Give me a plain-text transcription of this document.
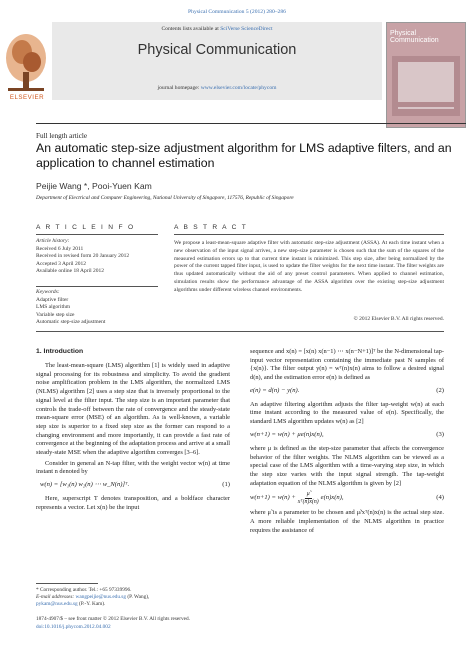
Physical Communication 5 (2012) 280–286
Contents lists available at SciVerse ScienceDirect
Physical Communication
journal homepage: www.elsevier.com/locate/phycom
ELSEVIER
Physical Communication
Full length article
An automatic step-size adjustment algorithm for LMS adaptive filters, and an application to channel estimation
Peijie Wang *, Pooi-Yuen Kam
Department of Electrical and Computer Engineering, National University of Singapore, 117576, Republic of Singapore
A R T I C L E I N F O	A B S T R A C T
Article history:
Received 6 July 2011
Received in revised form 20 January 2012
Accepted 3 April 2012
Available online 18 April 2012
Keywords:
Adaptive filter
LMS algorithm
Variable step size
Automatic step-size adjustment
We propose a least-mean-square adaptive filter with automatic step-size adjustment (ASSA). At each time instant when a new observation of the input signal arrives, a new step-size parameter is chosen such that the sum of the squares of the measured estimation errors up to that current time instant is minimized. This step size, after being normalized by the power of the current tapped filter input, is used to update the filter weights for the next time instant. The filter weights are thus updated automatically without the aid of any preset control parameters. When applied to channel estimation, simulation results show the performance advantage of the ASSA algorithm over the existing step-size adjustment algorithms under different wireless channel environments.
© 2012 Elsevier B.V. All rights reserved.
1. Introduction

The least-mean-square (LMS) algorithm [1] is widely used in adaptive signal processing for its robustness and simplicity. To avoid the gradient noise amplification problem in the LMS algorithm, the normalized LMS (NLMS) algorithm [2] uses a step size that is inversely proportional to the signal level at the filter input. The step size is an important parameter that controls the trade-off between the rate of convergence and the steady-state mean-square error (MSE) of an algorithm. As is well-known, a variable step size is superior to a fixed step size as the former can respond to a changing environment and more importantly, it can provide a fast rate of convergence at the beginning of the adaptation process and arrive at a small steady-state MSE when the adaptive algorithm converges [3–6].

Consider in general an N-tap filter, with the weight vector w(n) at time instant n denoted by

w(n) = [w₁(n) w₂(n) ⋯ w_N(n)]ᵀ.	(1)

Here, superscript T denotes transposition, and a boldface character represents a vector. Let x(n) be the input

* Corresponding author. Tel.: +65 97339996.
E-mail addresses: wangpeijie@nus.edu.sg (P. Wang),
pykam@nus.edu.sg (P.-Y. Kam).
1874-4907/$ – see front matter © 2012 Elsevier B.V. All rights reserved.
doi:10.1016/j.phycom.2012.04.002

sequence and x(n) = [x(n) x(n−1) ⋯ x(n−N+1)]ᵀ be the N-dimensional tap-input vector representation containing the immediate past N samples of {x(n)}. The filter output y(n) = wᵀ(n)x(n) aims to follow a desired signal d(n), and the estimation error e(n) is defined as

e(n) = d(n) − y(n).	(2)

An adaptive filtering algorithm adjusts the filter tap-weight w(n) at each time instant according to the measured value of e(n). Specifically, the standard LMS algorithm updates w(n) as [2]

w(n+1) = w(n) + μe(n)x(n),	(3)

where μ is defined as the step-size parameter that affects the convergence behavior of the filter weights. The NLMS algorithm can be viewed as a special case of the LMS algorithm with a time-varying step size, in which the step size varies with the input signal strength. The tap-weight adaptation equation of the NLMS algorithm is given by [2]

$w(n+1) = w(n) + \frac{\mũ}{\text{xᵀ(n)x(n)}} e(n)x(n)$,	(4)

where μ̃ is a parameter to be chosen and μ̃/xᵀ(n)x(n) is the actual step size. A more reliable implementation of the NLMS algorithm in practice requires the assistance of
